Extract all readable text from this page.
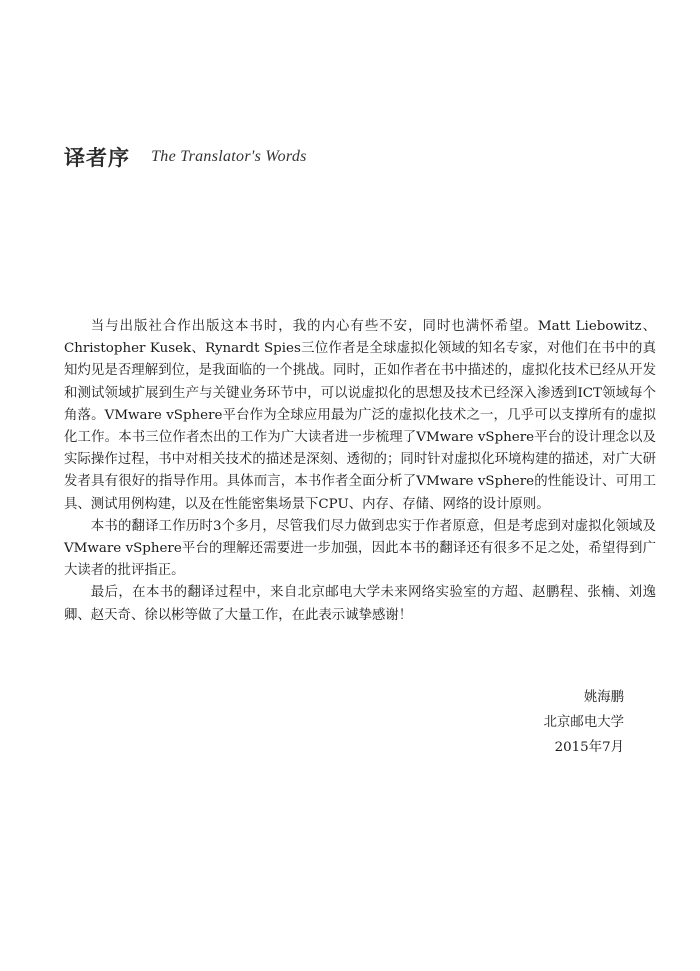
译者序 The Translator's Words

当与出版社合作出版这本书时，我的内心有些不安，同时也满怀希望。Matt Liebowitz、Christopher Kusek、Rynardt Spies三位作者是全球虚拟化领域的知名专家，对他们在书中的真知灼见是否理解到位，是我面临的一个挑战。同时，正如作者在书中描述的，虚拟化技术已经从开发和测试领域扩展到生产与关键业务环节中，可以说虚拟化的思想及技术已经深入渗透到ICT领域每个角落。VMware vSphere平台作为全球应用最为广泛的虚拟化技术之一，几乎可以支撑所有的虚拟化工作。本书三位作者杰出的工作为广大读者进一步梳理了VMware vSphere平台的设计理念以及实际操作过程，书中对相关技术的描述是深刻、透彻的；同时针对虚拟化环境构建的描述，对广大研发者具有很好的指导作用。具体而言，本书作者全面分析了VMware vSphere的性能设计、可用工具、测试用例构建，以及在性能密集场景下CPU、内存、存储、网络的设计原则。

本书的翻译工作历时3个多月，尽管我们尽力做到忠实于作者原意，但是考虑到对虚拟化领域及VMware vSphere平台的理解还需要进一步加强，因此本书的翻译还有很多不足之处，希望得到广大读者的批评指正。

最后，在本书的翻译过程中，来自北京邮电大学未来网络实验室的方超、赵鹏程、张楠、刘逸卿、赵天奇、徐以彬等做了大量工作，在此表示诚挚感谢！

姚海鹏
北京邮电大学
2015年7月
